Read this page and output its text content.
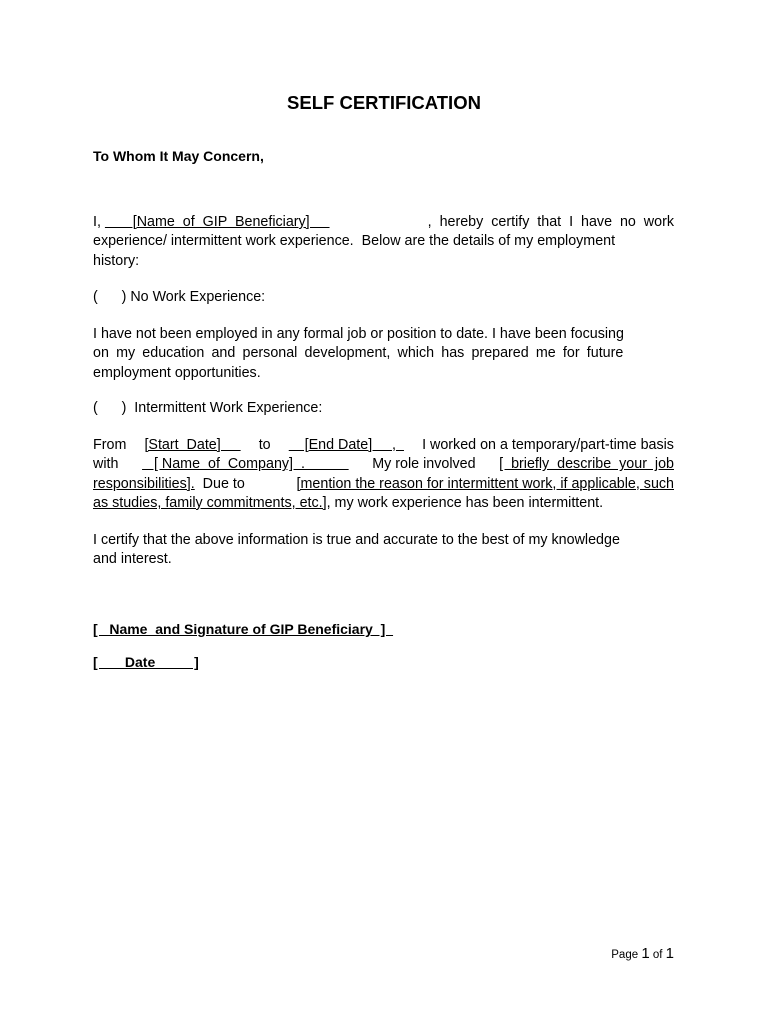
SELF CERTIFICATION
To Whom It May Concern,
I,        [Name  of  GIP  Beneficiary]	,  hereby  certify  that  I  have  no  work
experience/ intermittent work experience.  Below are the details of my employment
history:
(      ) No Work Experience:
I have not been employed in any formal job or position to date. I have been focusing
on my education and personal development, which has prepared me for future
employment opportunities.
(      )  Intermittent Work Experience:
From [Start  Date] to [End Date]     , I worked on a temporary/part-time basis
with [ Name  of  Company]  . My role involved [  briefly  describe  your  job
responsibilities].  Due to	[mention the reason for intermittent work, if applicable, such
as studies, family commitments, etc.], my work experience has been intermittent.
I certify that the above information is true and accurate to the best of my knowledge
and interest.
[   Name  and Signature of GIP Beneficiary  ]
[       Date          ]
Page 1 of 1
